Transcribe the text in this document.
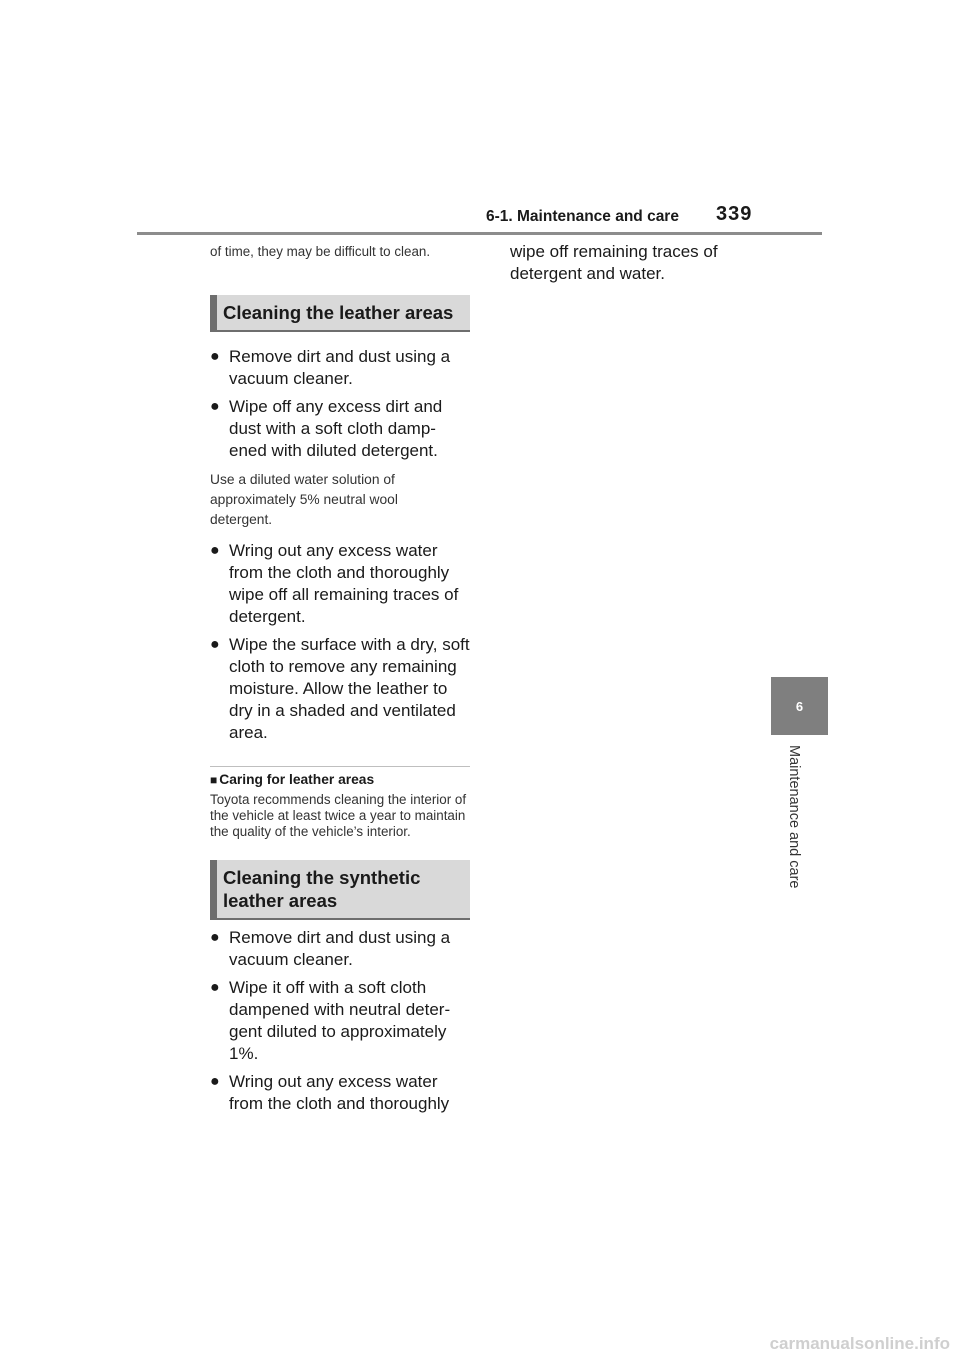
6-1. Maintenance and care 339
6
Maintenance and care

of time, they may be difficult to clean.

Cleaning the leather areas
● Remove dirt and dust using a vacuum cleaner.
● Wipe off any excess dirt and dust with a soft cloth damp-ened with diluted detergent.

Use a diluted water solution of approximately 5% neutral wool detergent.

● Wring out any excess water from the cloth and thoroughly wipe off all remaining traces of detergent.
● Wipe the surface with a dry, soft cloth to remove any remaining moisture. Allow the leather to dry in a shaded and ventilated area.
■ Caring for leather areas

Toyota recommends cleaning the interior of the vehicle at least twice a year to maintain the quality of the vehicle’s interior.

Cleaning the synthetic leather areas
● Remove dirt and dust using a vacuum cleaner.
● Wipe it off with a soft cloth dampened with neutral deter-gent diluted to approximately 1%.
● Wring out any excess water from the cloth and thoroughly

wipe off remaining traces of detergent and water.

carmanualsonline.info
